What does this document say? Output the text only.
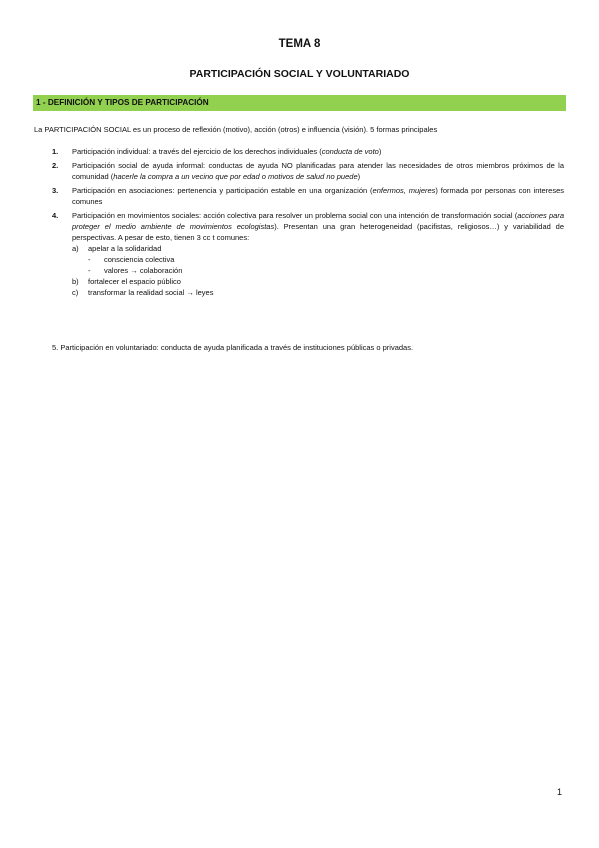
TEMA 8
PARTICIPACIÓN SOCIAL Y VOLUNTARIADO
1 - DEFINICIÓN Y TIPOS DE PARTICIPACIÓN
La PARTICIPACIÓN SOCIAL es un proceso de reflexión (motivo), acción (otros) e influencia (visión). 5 formas principales
1. Participación individual: a través del ejercicio de los derechos individuales (conducta de voto)
2. Participación social de ayuda informal: conductas de ayuda NO planificadas para atender las necesidades de otros miembros próximos de la comunidad (hacerle la compra a un vecino que por edad o motivos de salud no puede)
3. Participación en asociaciones: pertenencia y participación estable en una organización (enfermos, mujeres) formada por personas con intereses comunes
4. Participación en movimientos sociales: acción colectiva para resolver un problema social con una intención de transformación social (acciones para proteger el medio ambiente de movimientos ecologistas). Presentan una gran heterogeneidad (pacifistas, religiosos…) y variabilidad de perspectivas. A pesar de esto, tienen 3 cc t comunes:
a) apelar a la solidaridad
- consciencia colectiva
- valores → colaboración
b) fortalecer el espacio público
c) transformar la realidad social → leyes
5. Participación en voluntariado: conducta de ayuda planificada a través de instituciones públicas o privadas.
1
